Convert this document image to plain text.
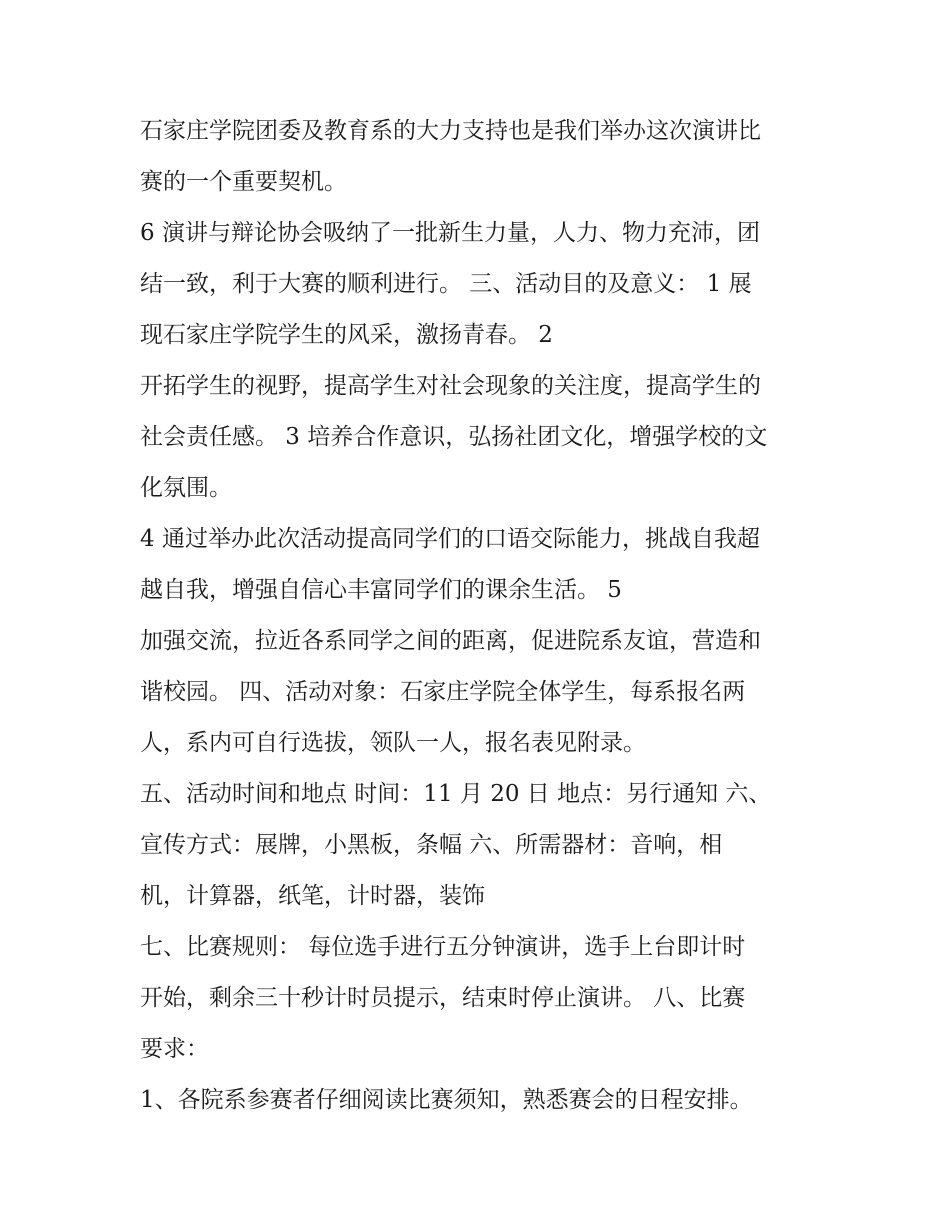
石家庄学院团委及教育系的大力支持也是我们举办这次演讲比
赛的一个重要契机。
6 演讲与辩论协会吸纳了一批新生力量，人力、物力充沛，团
结一致，利于大赛的顺利进行。 三、活动目的及意义： 1 展
现石家庄学院学生的风采，激扬青春。 2
开拓学生的视野，提高学生对社会现象的关注度，提高学生的
社会责任感。 3 培养合作意识，弘扬社团文化，增强学校的文
化氛围。
4 通过举办此次活动提高同学们的口语交际能力，挑战自我超
越自我，增强自信心丰富同学们的课余生活。 5
加强交流，拉近各系同学之间的距离，促进院系友谊，营造和
谐校园。 四、活动对象：石家庄学院全体学生，每系报名两
人，系内可自行选拔，领队一人，报名表见附录。
五、活动时间和地点 时间：11 月 20 日 地点：另行通知 六、
宣传方式：展牌，小黑板，条幅 六、所需器材：音响，相
机，计算器，纸笔，计时器，装饰
七、比赛规则： 每位选手进行五分钟演讲，选手上台即计时
开始，剩余三十秒计时员提示，结束时停止演讲。 八、比赛
要求：
1、各院系参赛者仔细阅读比赛须知，熟悉赛会的日程安排。
